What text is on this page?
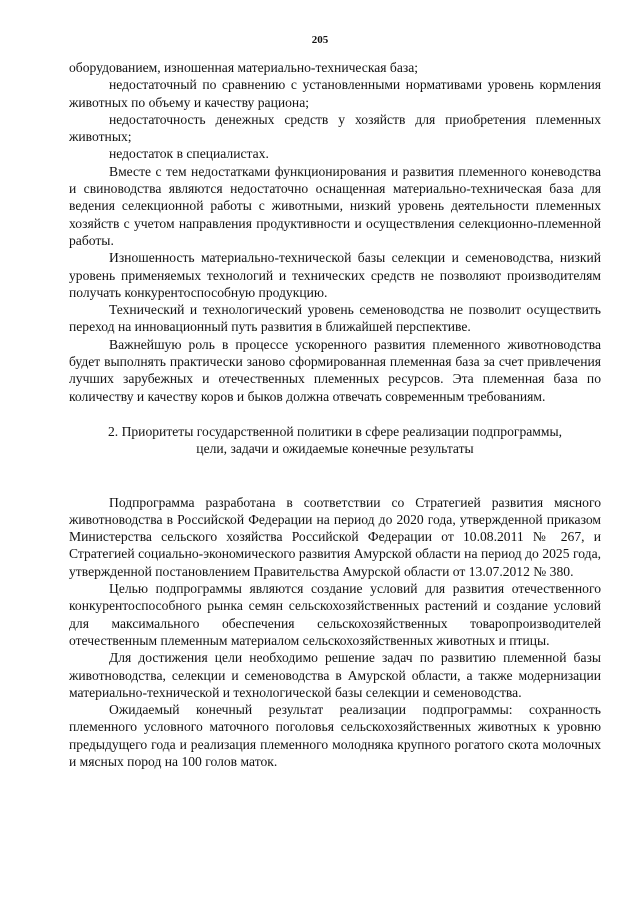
205

оборудованием, изношенная материально-техническая база;

недостаточный по сравнению с установленными нормативами уровень кормления животных по объему и качеству рациона;

недостаточность денежных средств у хозяйств для приобретения племенных животных;

недостаток в специалистах.

Вместе с тем недостатками функционирования и развития племенного коневодства и свиноводства являются недостаточно оснащенная материально-техническая база для ведения селекционной работы с животными, низкий уровень деятельности племенных хозяйств с учетом направления продуктивности и осуществления селекционно-племенной работы.

Изношенность материально-технической базы селекции и семеноводства, низкий уровень применяемых технологий и технических средств не позволяют производителям получать конкурентоспособную продукцию.

Технический и технологический уровень семеноводства не позволит осуществить переход на инновационный путь развития в ближайшей перспективе.

Важнейшую роль в процессе ускоренного развития племенного животноводства будет выполнять практически заново сформированная племенная база за счет привлечения лучших зарубежных и отечественных племенных ресурсов. Эта племенная база по количеству и качеству коров и быков должна отвечать современным требованиям.

2. Приоритеты государственной политики в сфере реализации подпрограммы, цели, задачи и ожидаемые конечные результаты

Подпрограмма разработана в соответствии со Стратегией развития мясного животноводства в Российской Федерации на период до 2020 года, утвержденной приказом Министерства сельского хозяйства Российской Федерации от 10.08.2011 № 267, и Стратегией социально-экономического развития Амурской области на период до 2025 года, утвержденной постановлением Правительства Амурской области от 13.07.2012 № 380.

Целью подпрограммы являются создание условий для развития отечественного конкурентоспособного рынка семян сельскохозяйственных растений и создание условий для максимального обеспечения сельскохозяйственных товаропроизводителей отечественным племенным материалом сельскохозяйственных животных и птицы.

Для достижения цели необходимо решение задач по развитию племенной базы животноводства, селекции и семеноводства в Амурской области, а также модернизации материально-технической и технологической базы селекции и семеноводства.

Ожидаемый конечный результат реализации подпрограммы: сохранность племенного условного маточного поголовья сельскохозяйственных животных к уровню предыдущего года и реализация племенного молодняка крупного рогатого скота молочных и мясных пород на 100 голов маток.
